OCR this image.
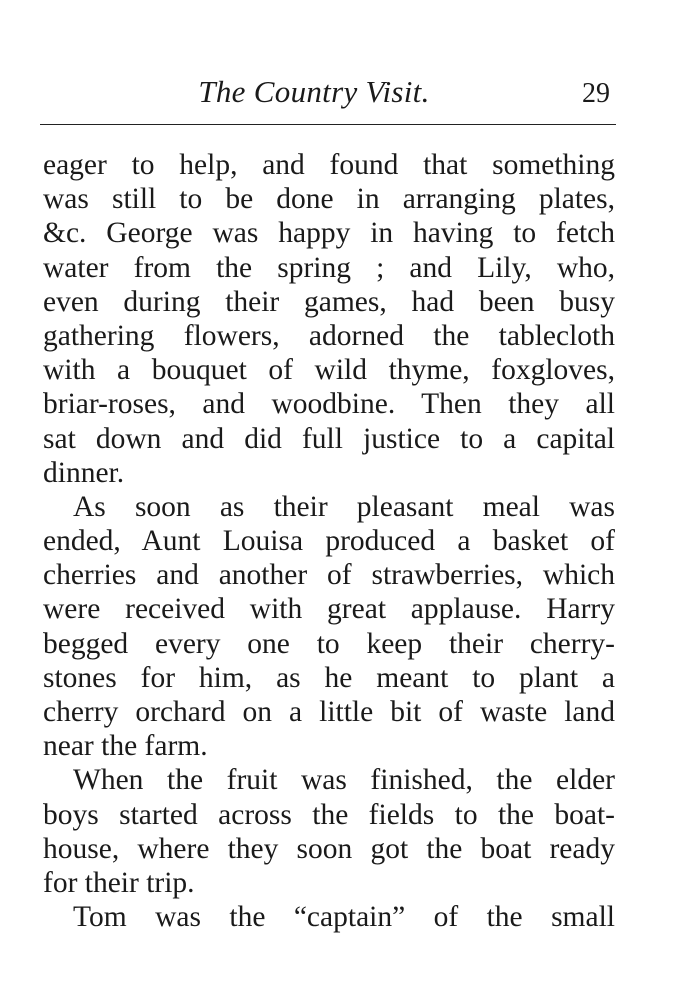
The Country Visit.	29
eager to help, and found that something
was still to be done in arranging plates,
&c. George was happy in having to fetch
water from the spring ; and Lily, who,
even during their games, had been busy
gathering flowers, adorned the tablecloth
with a bouquet of wild thyme, foxgloves,
briar-roses, and woodbine. Then they all
sat down and did full justice to a capital
dinner.
As soon as their pleasant meal was
ended, Aunt Louisa produced a basket of
cherries and another of strawberries, which
were received with great applause. Harry
begged every one to keep their cherry-
stones for him, as he meant to plant a
cherry orchard on a little bit of waste land
near the farm.
When the fruit was finished, the elder
boys started across the fields to the boat-
house, where they soon got the boat ready
for their trip.
Tom was the “captain” of the small
